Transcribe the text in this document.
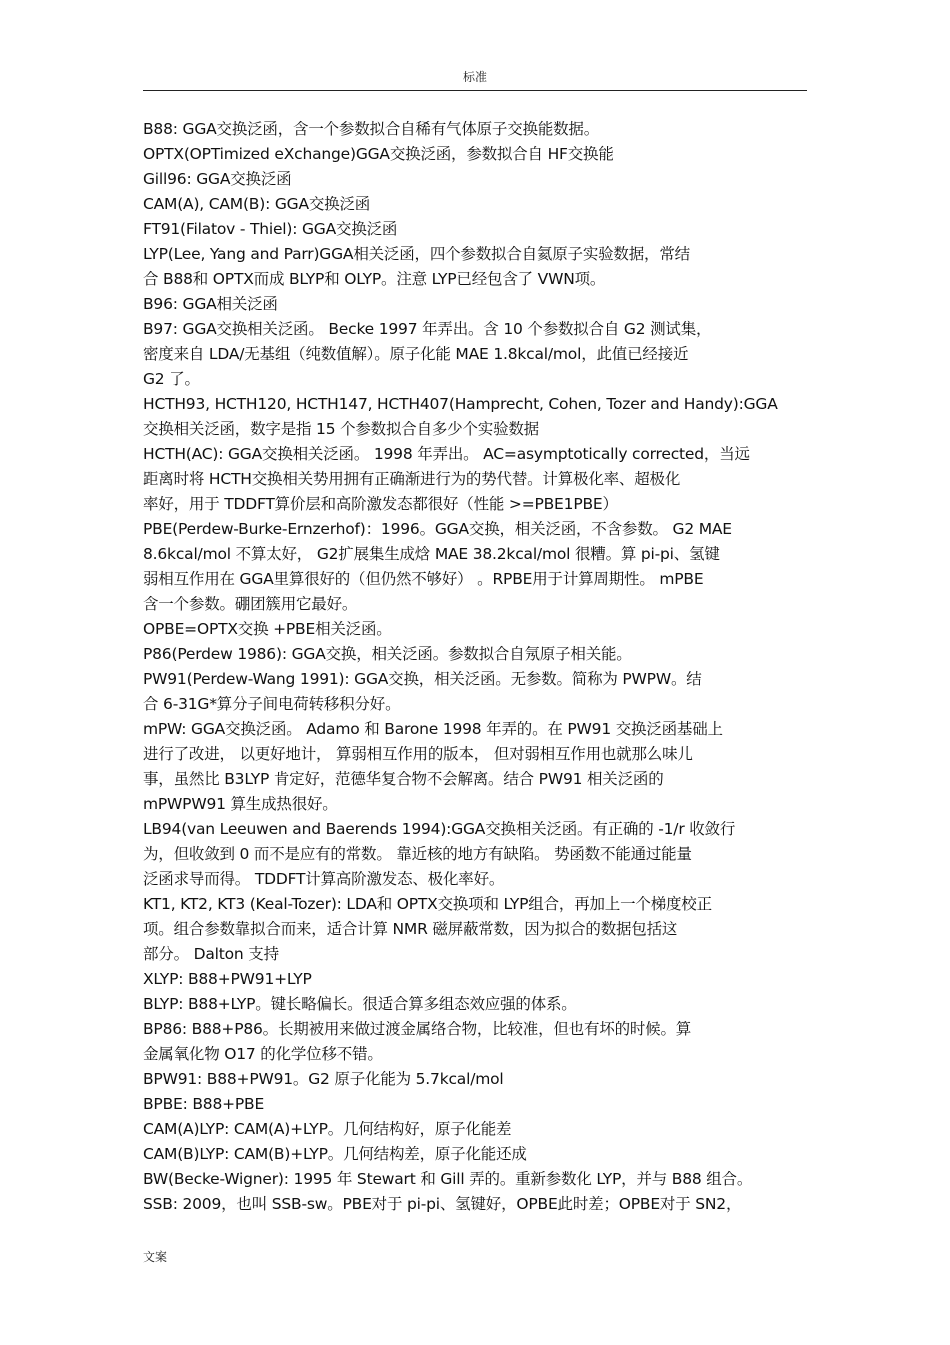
标准

B88: GGA交换泛函，含一个参数拟合自稀有气体原子交换能数据。

OPTX(OPTimized eXchange)GGA交换泛函，参数拟合自 HF交换能

Gill96: GGA交换泛函

CAM(A), CAM(B): GGA交换泛函

FT91(Filatov - Thiel): GGA交换泛函

LYP(Lee, Yang and Parr)GGA相关泛函，四个参数拟合自氦原子实验数据，常结

合 B88和 OPTX而成 BLYP和 OLYP。注意 LYP已经包含了 VWN项。

B96: GGA相关泛函

B97: GGA交换相关泛函。 Becke 1997 年弄出。含 10 个参数拟合自 G2 测试集，

密度来自 LDA/无基组（纯数值解）。原子化能 MAE 1.8kcal/mol，此值已经接近

G2 了。

HCTH93, HCTH120, HCTH147, HCTH407(Hamprecht, Cohen, Tozer and Handy):GGA

交换相关泛函，数字是指 15 个参数拟合自多少个实验数据

HCTH(AC): GGA交换相关泛函。 1998 年弄出。 AC=asymptotically corrected，当远

距离时将 HCTH交换相关势用拥有正确渐进行为的势代替。计算极化率、超极化

率好，用于 TDDFT算价层和高阶激发态都很好（性能 >=PBE1PBE）

PBE(Perdew-Burke-Ernzerhof)：1996。GGA交换，相关泛函，不含参数。 G2 MAE

8.6kcal/mol 不算太好， G2扩展集生成焓 MAE 38.2kcal/mol 很糟。算 pi-pi、氢键

弱相互作用在 GGA里算很好的（但仍然不够好） 。RPBE用于计算周期性。 mPBE

含一个参数。硼团簇用它最好。

OPBE=OPTX交换 +PBE相关泛函。

P86(Perdew 1986): GGA交换，相关泛函。参数拟合自氖原子相关能。

PW91(Perdew-Wang 1991): GGA交换，相关泛函。无参数。简称为 PWPW。结

合 6-31G*算分子间电荷转移积分好。

mPW: GGA交换泛函。 Adamo 和 Barone 1998 年弄的。在 PW91 交换泛函基础上

进行了改进， 以更好地计， 算弱相互作用的版本， 但对弱相互作用也就那么味儿

事，虽然比 B3LYP 肯定好，范德华复合物不会解离。结合 PW91 相关泛函的

mPWPW91 算生成热很好。

LB94(van Leeuwen and Baerends 1994):GGA交换相关泛函。有正确的 -1/r 收敛行

为，但收敛到 0 而不是应有的常数。 靠近核的地方有缺陷。 势函数不能通过能量

泛函求导而得。 TDDFT计算高阶激发态、极化率好。

KT1, KT2, KT3 (Keal-Tozer): LDA和 OPTX交换项和 LYP组合，再加上一个梯度校正

项。组合参数靠拟合而来，适合计算 NMR 磁屏蔽常数，因为拟合的数据包括这

部分。 Dalton 支持

XLYP: B88+PW91+LYP

BLYP: B88+LYP。键长略偏长。很适合算多组态效应强的体系。

BP86: B88+P86。长期被用来做过渡金属络合物，比较准，但也有坏的时候。算

金属氧化物 O17 的化学位移不错。

BPW91: B88+PW91。G2 原子化能为 5.7kcal/mol

BPBE: B88+PBE

CAM(A)LYP: CAM(A)+LYP。几何结构好，原子化能差

CAM(B)LYP: CAM(B)+LYP。几何结构差，原子化能还成

BW(Becke-Wigner): 1995 年 Stewart 和 Gill 弄的。重新参数化 LYP，并与 B88 组合。

SSB: 2009，也叫 SSB-sw。PBE对于 pi-pi、氢键好，OPBE此时差；OPBE对于 SN2，

文案
